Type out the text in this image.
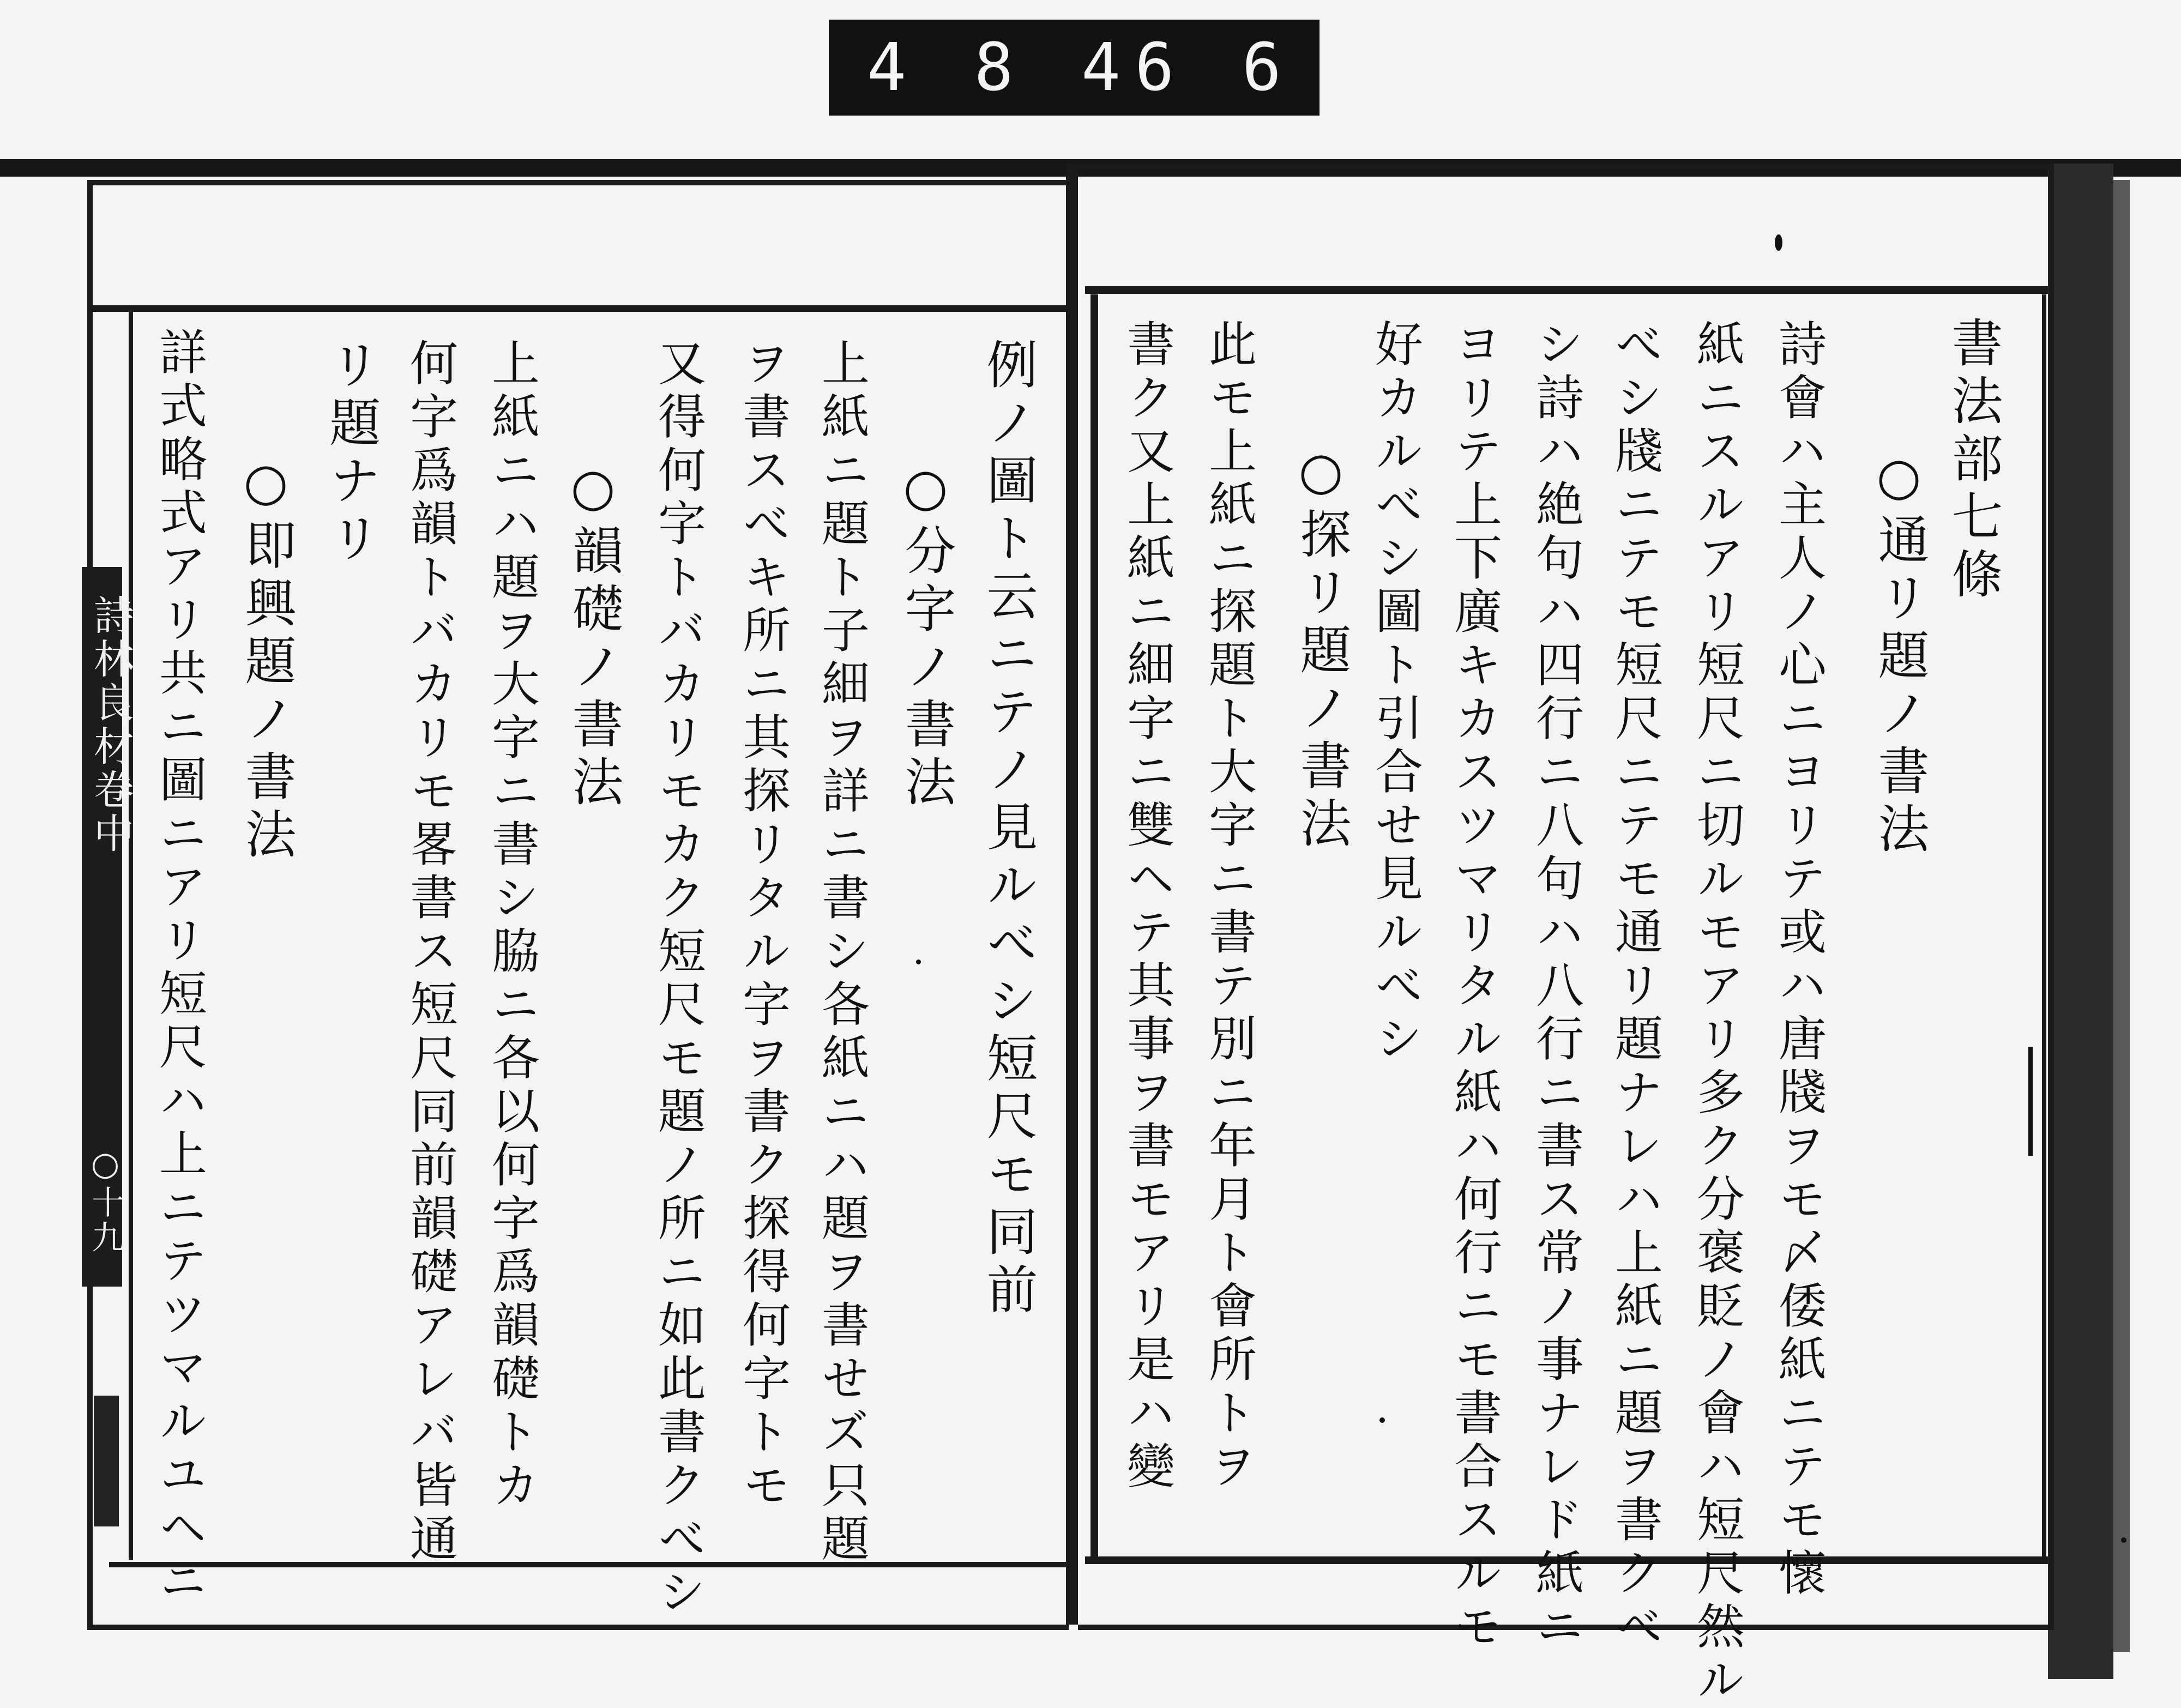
4 8 4 6 6 5.
詩林良材卷中
○十九
書法部七條
○通リ題ノ書法
詩會ハ主人ノ心ニヨリテ或ハ唐牋ヲモ〆倭紙ニテモ懷
紙ニスルアリ短尺ニ切ルモアリ多ク分褒貶ノ會ハ短尺然ル
べシ牋ニテモ短尺ニテモ通リ題ナレハ上紙ニ題ヲ書クべ
シ詩ハ絶句ハ四行ニ八句ハ八行ニ書ス常ノ事ナレド紙ニ
ヨリテ上下廣キカスツマリタル紙ハ何行ニモ書合スルモ
好カルべシ圖ト引合せ見ルべシ
○探リ題ノ書法
此モ上紙ニ探題ト大字ニ書テ別ニ年月ト會所トヲ
書ク又上紙ニ細字ニ雙ヘテ其事ヲ書モアリ是ハ變
例ノ圖ト云ニテノ見ルべシ短尺モ同前
○分字ノ書法
上紙ニ題ト子細ヲ詳ニ書シ各紙ニハ題ヲ書せズ只題
ヲ書スべキ所ニ其探リタル字ヲ書ク探得何字トモ
又得何字トバカリモカク短尺モ題ノ所ニ如此書クべシ
○韻礎ノ書法
上紙ニハ題ヲ大字ニ書シ脇ニ各以何字爲韻礎トカ
何字爲韻トバカリモ畧書ス短尺同前韻礎アレバ皆通
リ題ナリ
○即興題ノ書法
詳式略式アリ共ニ圖ニアリ短尺ハ上ニテツマルユヘニ
